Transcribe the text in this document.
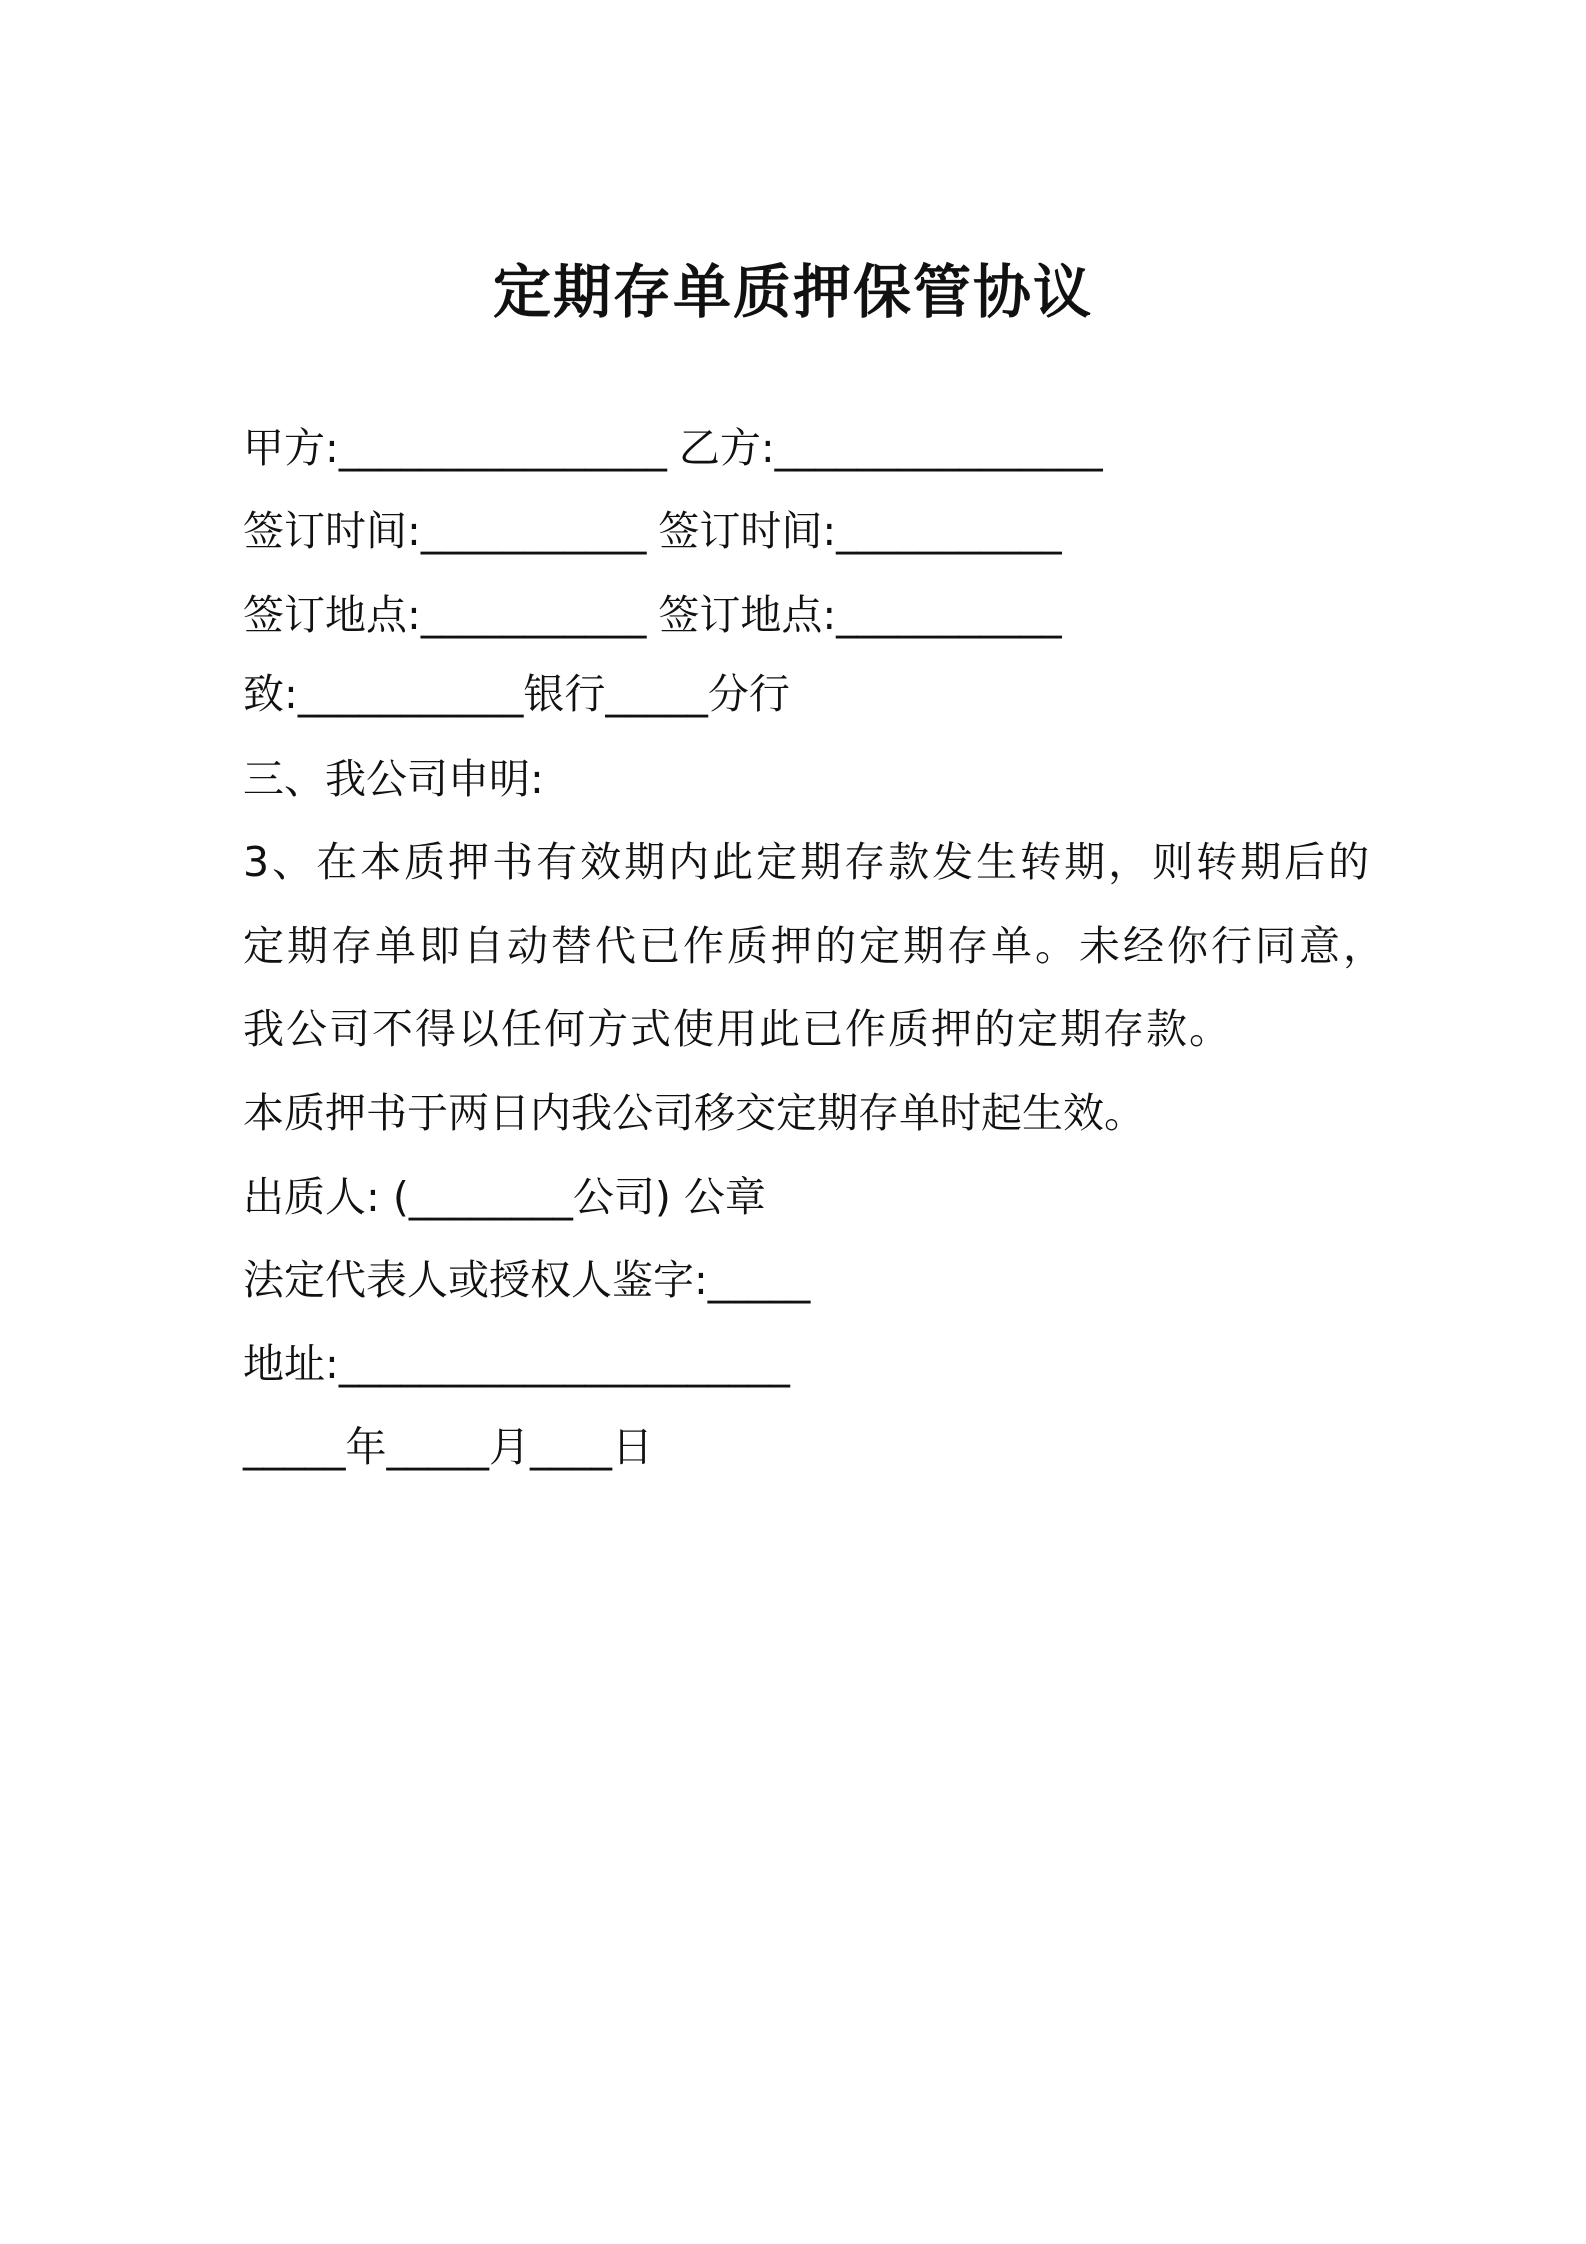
定期存单质押保管协议
甲方:________________ 乙方:________________
签订时间:___________ 签订时间:___________
签订地点:___________ 签订地点:___________
致:___________银行_____分行
三、我公司申明:
3、在本质押书有效期内此定期存款发生转期，则转期后的
定期存单即自动替代已作质押的定期存单。未经你行同意，
我公司不得以任何方式使用此已作质押的定期存款。
本质押书于两日内我公司移交定期存单时起生效。
出质人: (________公司) 公章
法定代表人或授权人鉴字:_____
地址:______________________
_____年_____月____日
